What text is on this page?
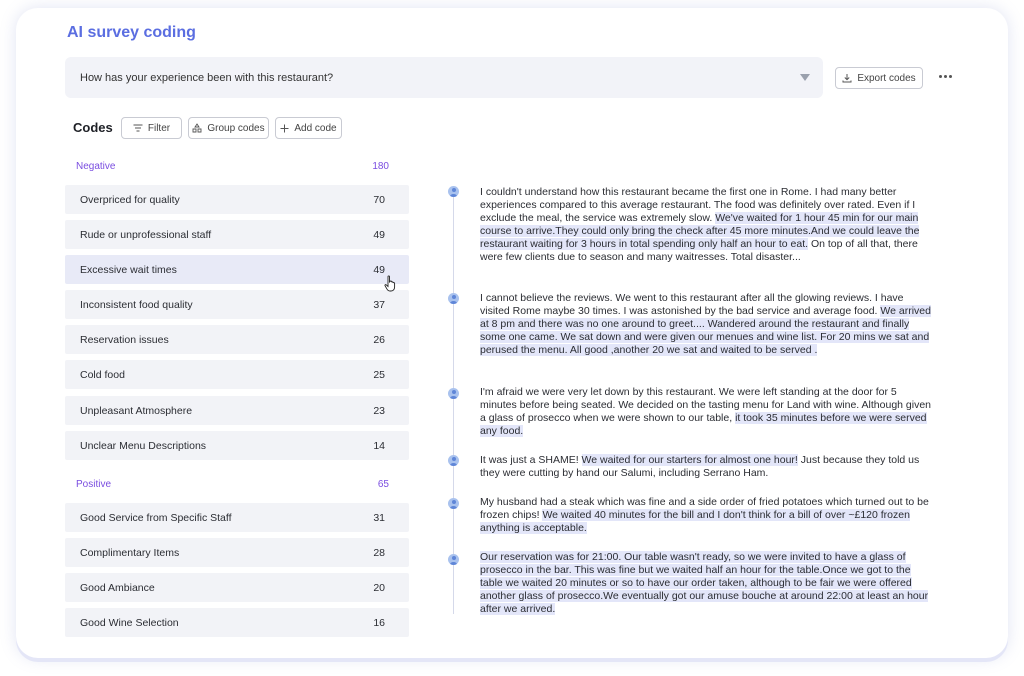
AI survey coding
How has your experience been with this restaurant?	Export codes
Codes	Filter	Group codes	Add code
Negative	180
Overpriced for quality	70
Rude or unprofessional staff	49
Excessive wait times	49
Inconsistent food quality	37
Reservation issues	26
Cold food	25
Unpleasant Atmosphere	23
Unclear Menu Descriptions	14
Positive	65
Good Service from Specific Staff	31
Complimentary Items	28
Good Ambiance	20
Good Wine Selection	16
I couldn't understand how this restaurant became the first one in Rome. I had many better experiences compared to this average restaurant. The food was definitely over rated. Even if I exclude the meal, the service was extremely slow. We've waited for 1 hour 45 min for our main course to arrive.They could only bring the check after 45 more minutes.And we could leave the restaurant waiting for 3 hours in total spending only half an hour to eat. On top of all that, there were few clients due to season and many waitresses. Total disaster...
I cannot believe the reviews. We went to this restaurant after all the glowing reviews. I have visited Rome maybe 30 times. I was astonished by the bad service and average food. We arrived at 8 pm and there was no one around to greet.... Wandered around the restaurant and finally some one came. We sat down and were given our menues and wine list. For 20 mins we sat and perused the menu. All good ,another 20 we sat and waited to be served .
I'm afraid we were very let down by this restaurant. We were left standing at the door for 5 minutes before being seated. We decided on the tasting menu for Land with wine. Although given a glass of prosecco when we were shown to our table, it took 35 minutes before we were served any food.
It was just a SHAME! We waited for our starters for almost one hour! Just because they told us they were cutting by hand our Salumi, including Serrano Ham.
My husband had a steak which was fine and a side order of fried potatoes which turned out to be frozen chips! We waited 40 minutes for the bill and I don't think for a bill of over ~£120 frozen anything is acceptable.
Our reservation was for 21:00. Our table wasn't ready, so we were invited to have a glass of prosecco in the bar. This was fine but we waited half an hour for the table.Once we got to the table we waited 20 minutes or so to have our order taken, although to be fair we were offered another glass of prosecco.We eventually got our amuse bouche at around 22:00 at least an hour after we arrived.
